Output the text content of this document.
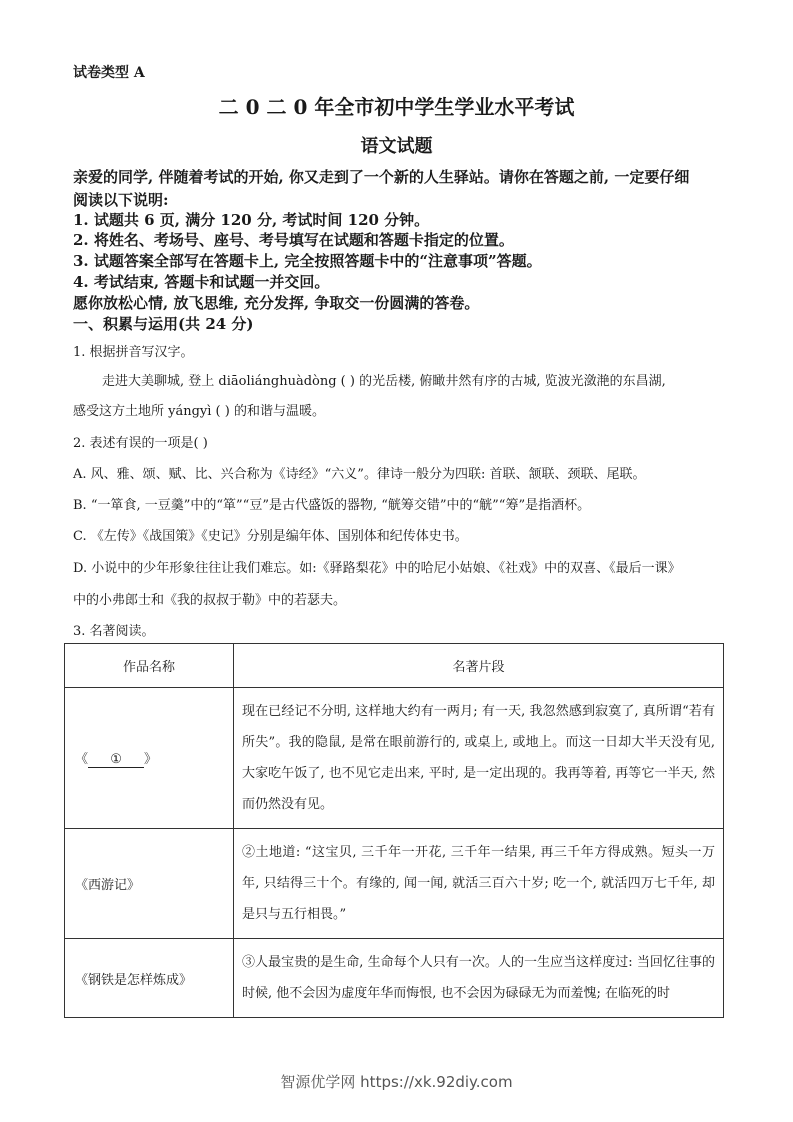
试卷类型 A
二 0 二 0 年全市初中学生学业水平考试
语文试题
亲爱的同学, 伴随着考试的开始, 你又走到了一个新的人生驿站。请你在答题之前, 一定要仔细
阅读以下说明:
1. 试题共 6 页, 满分 120 分, 考试时间 120 分钟。
2. 将姓名、考场号、座号、考号填写在试题和答题卡指定的位置。
3. 试题答案全部写在答题卡上, 完全按照答题卡中的“注意事项”答题。
4. 考试结束, 答题卡和试题一并交回。
愿你放松心情, 放飞思维, 充分发挥, 争取交一份圆满的答卷。
一、积累与运用(共 24 分)
1. 根据拼音写汉字。
走进大美聊城, 登上 diāoliánghuàdòng ( ) 的光岳楼, 俯瞰井然有序的古城, 览波光潋滟的东昌湖,
感受这方土地所 yángyì ( ) 的和谐与温暖。
2. 表述有误的一项是( )
A. 风、雅、颂、赋、比、兴合称为《诗经》“六义”。律诗一般分为四联: 首联、颔联、颈联、尾联。
B. “一箪食, 一豆羹”中的“箪”“豆”是古代盛饭的器物, “觥筹交错”中的“觥”“筹”是指酒杯。
C. 《左传》《战国策》《史记》分别是编年体、国别体和纪传体史书。
D. 小说中的少年形象往往让我们难忘。如:《驿路梨花》中的哈尼小姑娘、《社戏》中的双喜、《最后一课》
中的小弗郎士和《我的叔叔于勒》中的若瑟夫。
3. 名著阅读。
作品名称	名著片段
《 ① 》	现在已经记不分明, 这样地大约有一两月; 有一天, 我忽然感到寂寞了, 真所谓“若有所失”。我的隐鼠, 是常在眼前游行的, 或桌上, 或地上。而这一日却大半天没有见, 大家吃午饭了, 也不见它走出来, 平时, 是一定出现的。我再等着, 再等它一半天, 然而仍然没有见。
《西游记》	②土地道: “这宝贝, 三千年一开花, 三千年一结果, 再三千年方得成熟。短头一万年, 只结得三十个。有缘的, 闻一闻, 就活三百六十岁; 吃一个, 就活四万七千年, 却是只与五行相畏。”
《钢铁是怎样炼成》	③人最宝贵的是生命, 生命每个人只有一次。人的一生应当这样度过: 当回忆往事的时候, 他不会因为虚度年华而悔恨, 也不会因为碌碌无为而羞愧; 在临死的时
智源优学网 https://xk.92diy.com
